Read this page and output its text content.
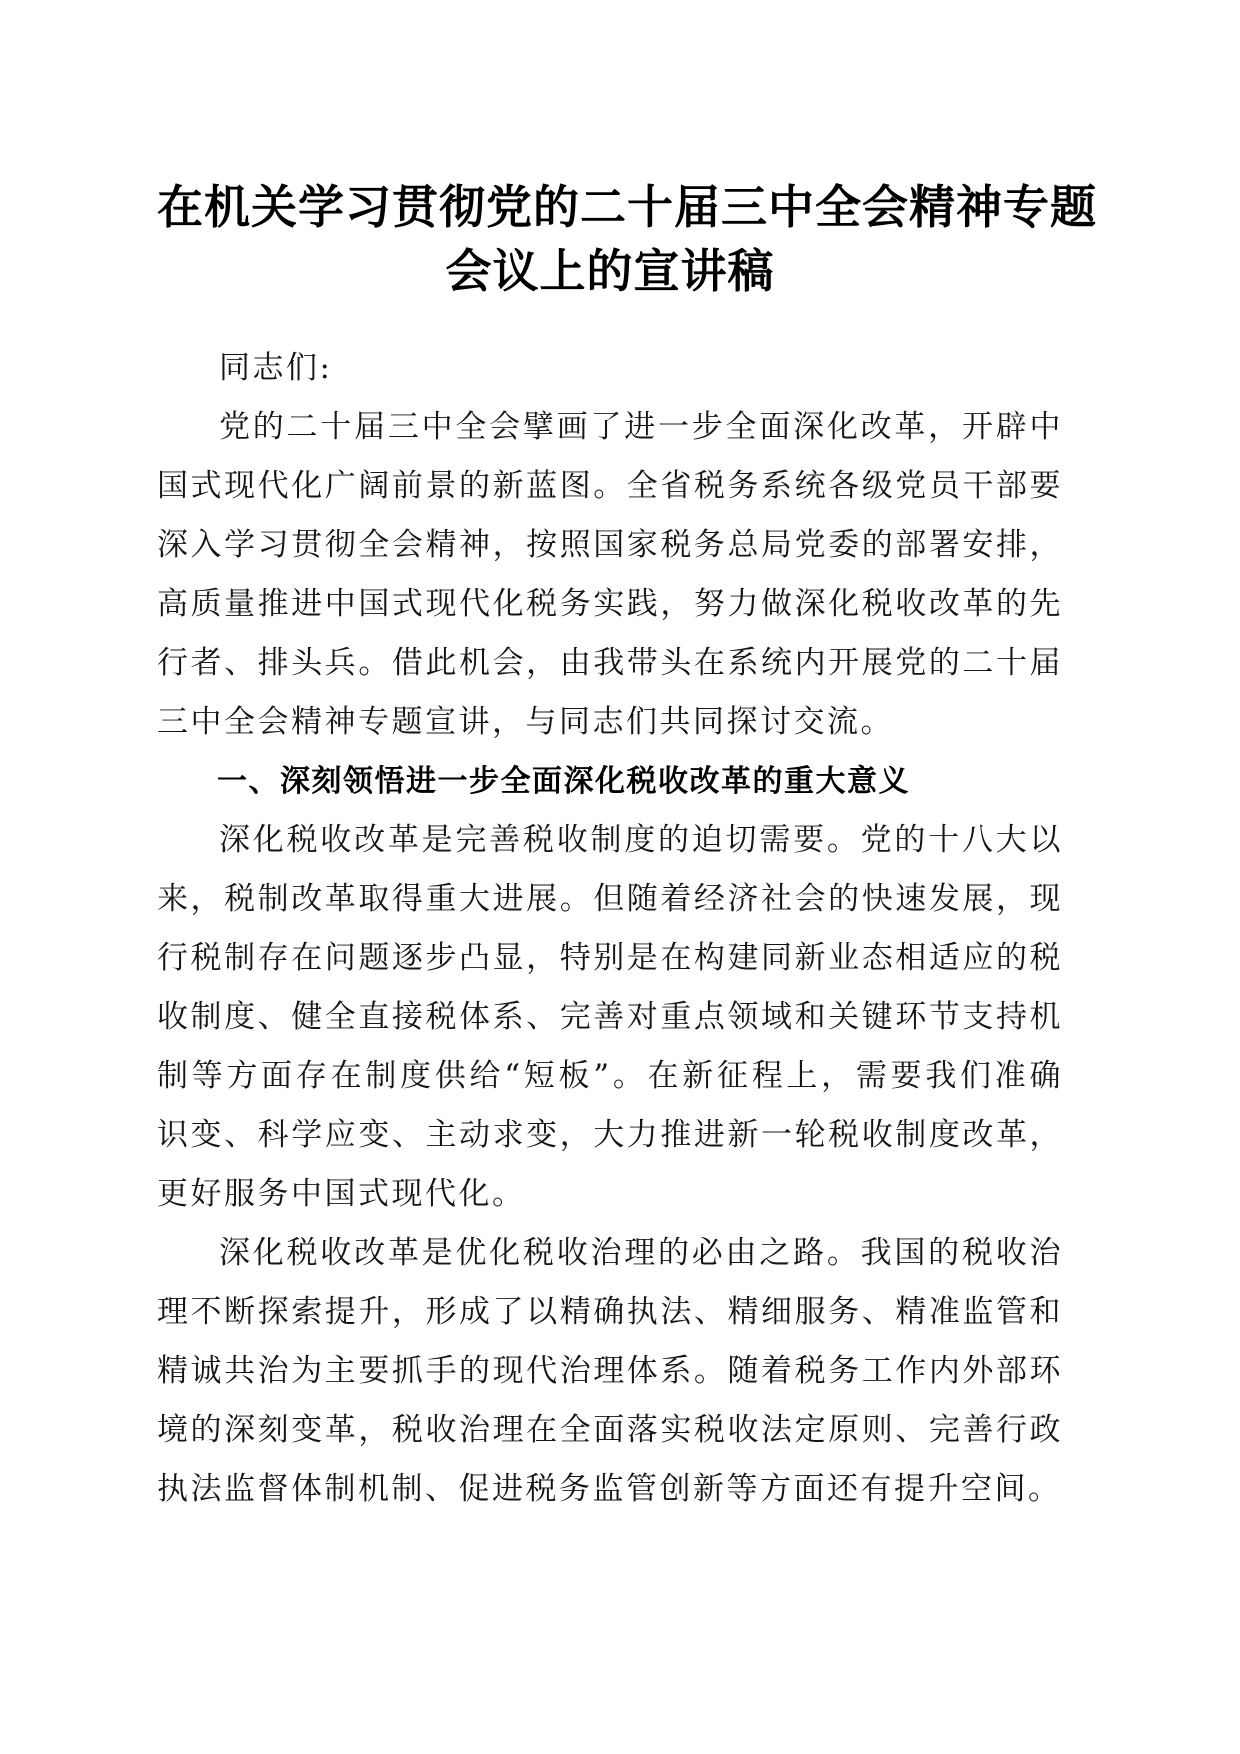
在机关学习贯彻党的二十届三中全会精神专题
会议上的宣讲稿

同志们:

党的二十届三中全会擘画了进一步全面深化改革，开辟中国式现代化广阔前景的新蓝图。全省税务系统各级党员干部要深入学习贯彻全会精神，按照国家税务总局党委的部署安排，高质量推进中国式现代化税务实践，努力做深化税收改革的先行者、排头兵。借此机会，由我带头在系统内开展党的二十届三中全会精神专题宣讲，与同志们共同探讨交流。

一、深刻领悟进一步全面深化税收改革的重大意义

深化税收改革是完善税收制度的迫切需要。党的十八大以来，税制改革取得重大进展。但随着经济社会的快速发展，现行税制存在问题逐步凸显，特别是在构建同新业态相适应的税收制度、健全直接税体系、完善对重点领域和关键环节支持机制等方面存在制度供给“短板”。在新征程上，需要我们准确识变、科学应变、主动求变，大力推进新一轮税收制度改革，更好服务中国式现代化。

深化税收改革是优化税收治理的必由之路。我国的税收治理不断探索提升，形成了以精确执法、精细服务、精准监管和精诚共治为主要抓手的现代治理体系。随着税务工作内外部环境的深刻变革，税收治理在全面落实税收法定原则、完善行政执法监督体制机制、促进税务监管创新等方面还有提升空间。
